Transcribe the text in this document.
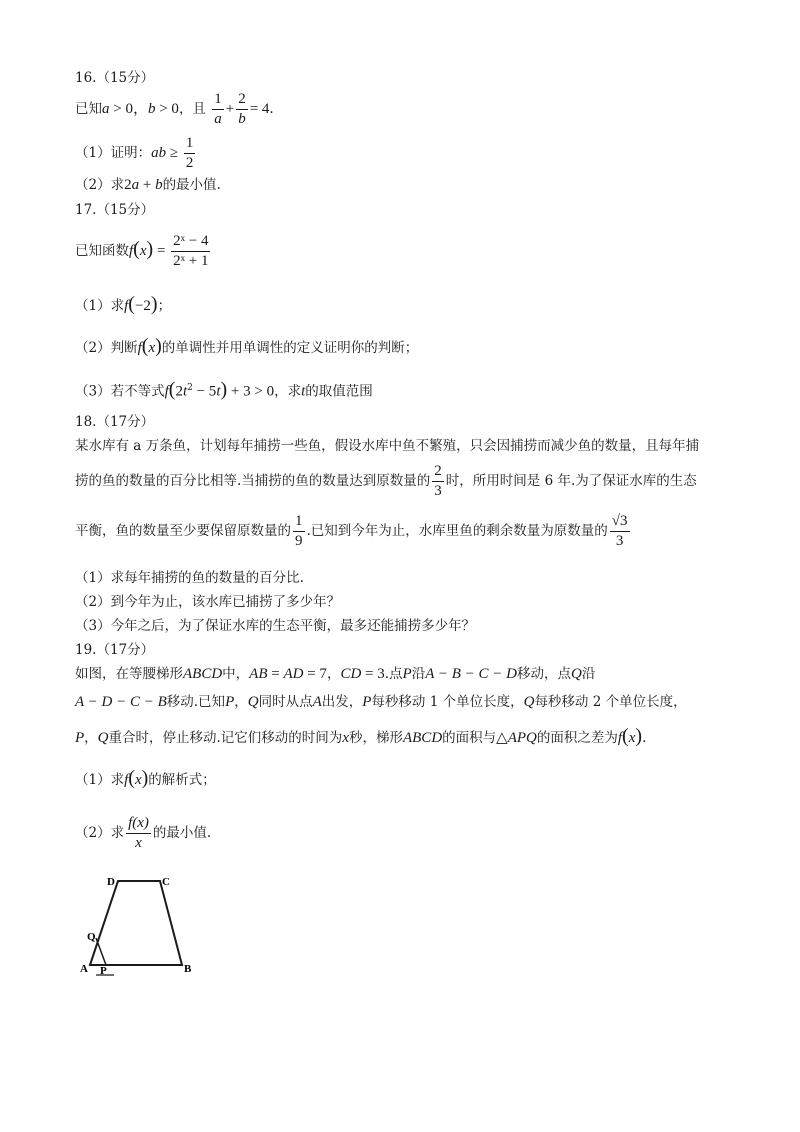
16.（15分）
已知a > 0，b > 0，且 $\frac{1}{a} + \frac{2}{b} = 4$.
（1）证明：ab ≥ $\frac{1}{2}$
（2）求2a + b的最小值.
17.（15分）
已知函数$f(x) = \frac{\text{2ˣ − 4}}{\text{2ˣ + 1}}$
（1）求f(−2)；
（2）判断f(x)的单调性并用单调性的定义证明你的判断；
（3）若不等式$f(2t^2 - 5t) + 3 > 0$，求t的取值范围
18.（17分）
某水库有 a 万条鱼，计划每年捕捞一些鱼，假设水库中鱼不繁殖，只会因捕捞而减少鱼的数量，且每年捕
捞的鱼的数量的百分比相等.当捕捞的鱼的数量达到原数量的 $\frac{2}{3}$ 时，所用时间是 6 年.为了保证水库的生态
平衡，鱼的数量至少要保留原数量的 $\frac{1}{9}$ .已知到今年为止，水库里鱼的剩余数量为原数量的 $\frac{√3}{3}$
（1）求每年捕捞的鱼的数量的百分比.
（2）到今年为止，该水库已捕捞了多少年？
（3）今年之后，为了保证水库的生态平衡，最多还能捕捞多少年？
19.（17分）
如图，在等腰梯形ABCD中，AB = AD = 7，CD = 3.点P沿A − B − C − D移动，点Q沿
A − D − C − B移动.已知P，Q同时从点A出发，P每秒移动 1 个单位长度，Q每秒移动 2 个单位长度，
P，Q重合时，停止移动.记它们移动的时间为x秒，梯形ABCD的面积与△APQ的面积之差为f(x).
（1）求f(x)的解析式；
（2）求 $\frac{f(x)}{x}$ 的最小值.
D	C
Q
A P	B
